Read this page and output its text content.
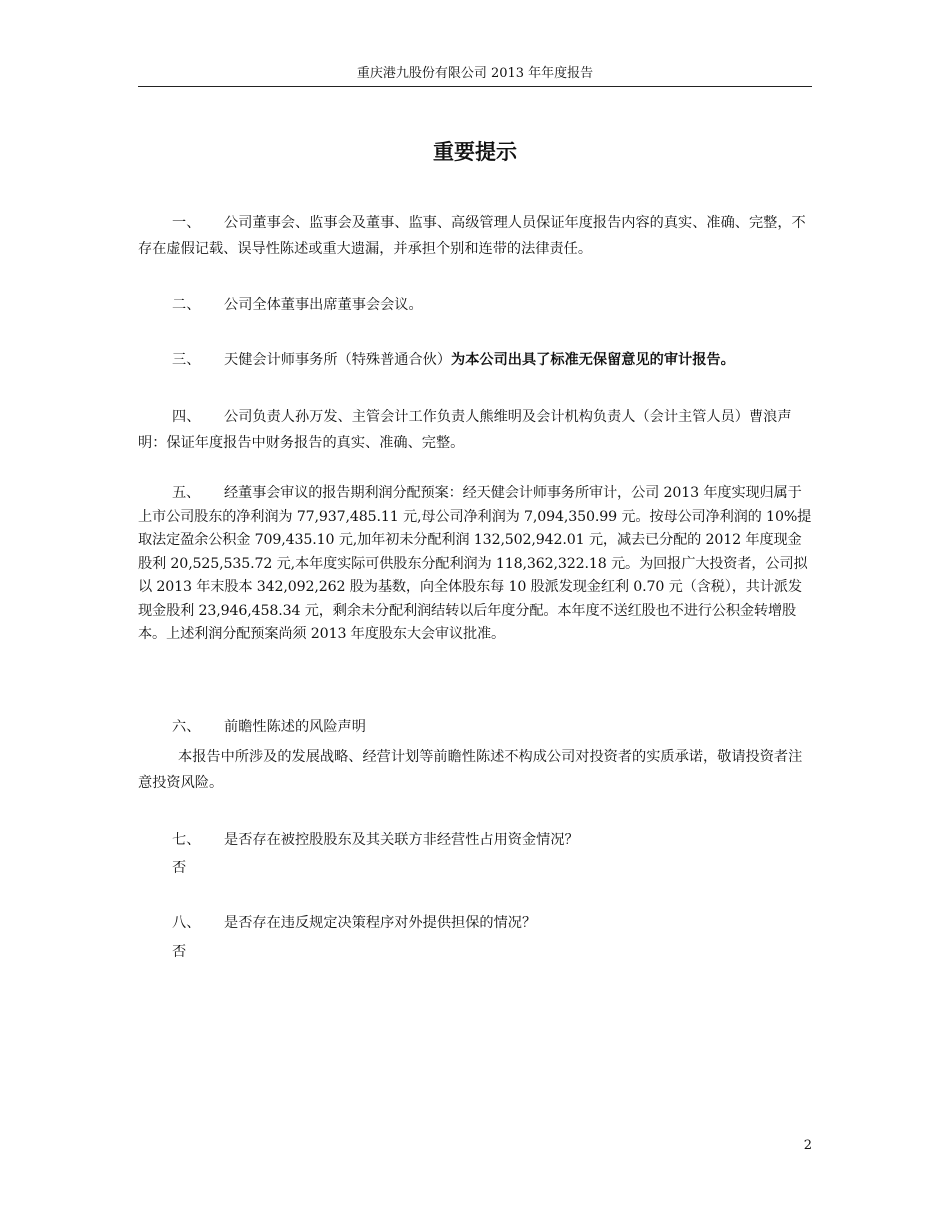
重庆港九股份有限公司 2013 年年度报告
重要提示

一、 公司董事会、监事会及董事、监事、高级管理人员保证年度报告内容的真实、准确、完整，不存在虚假记载、误导性陈述或重大遗漏，并承担个别和连带的法律责任。

二、 公司全体董事出席董事会会议。

三、 天健会计师事务所（特殊普通合伙）为本公司出具了标准无保留意见的审计报告。

四、 公司负责人孙万发、主管会计工作负责人熊维明及会计机构负责人（会计主管人员）曹浪声明：保证年度报告中财务报告的真实、准确、完整。

五、 经董事会审议的报告期利润分配预案：经天健会计师事务所审计，公司 2013 年度实现归属于上市公司股东的净利润为 77,937,485.11 元,母公司净利润为 7,094,350.99 元。按母公司净利润的 10%提取法定盈余公积金 709,435.10 元,加年初未分配利润 132,502,942.01 元，减去已分配的 2012 年度现金股利 20,525,535.72 元,本年度实际可供股东分配利润为 118,362,322.18 元。为回报广大投资者，公司拟以 2013 年末股本 342,092,262 股为基数，向全体股东每 10 股派发现金红利 0.70 元（含税），共计派发现金股利 23,946,458.34 元，剩余未分配利润结转以后年度分配。本年度不送红股也不进行公积金转增股本。上述利润分配预案尚须 2013 年度股东大会审议批准。

六、 前瞻性陈述的风险声明

本报告中所涉及的发展战略、经营计划等前瞻性陈述不构成公司对投资者的实质承诺，敬请投资者注意投资风险。

七、 是否存在被控股股东及其关联方非经营性占用资金情况？

否

八、 是否存在违反规定决策程序对外提供担保的情况？

否
2
